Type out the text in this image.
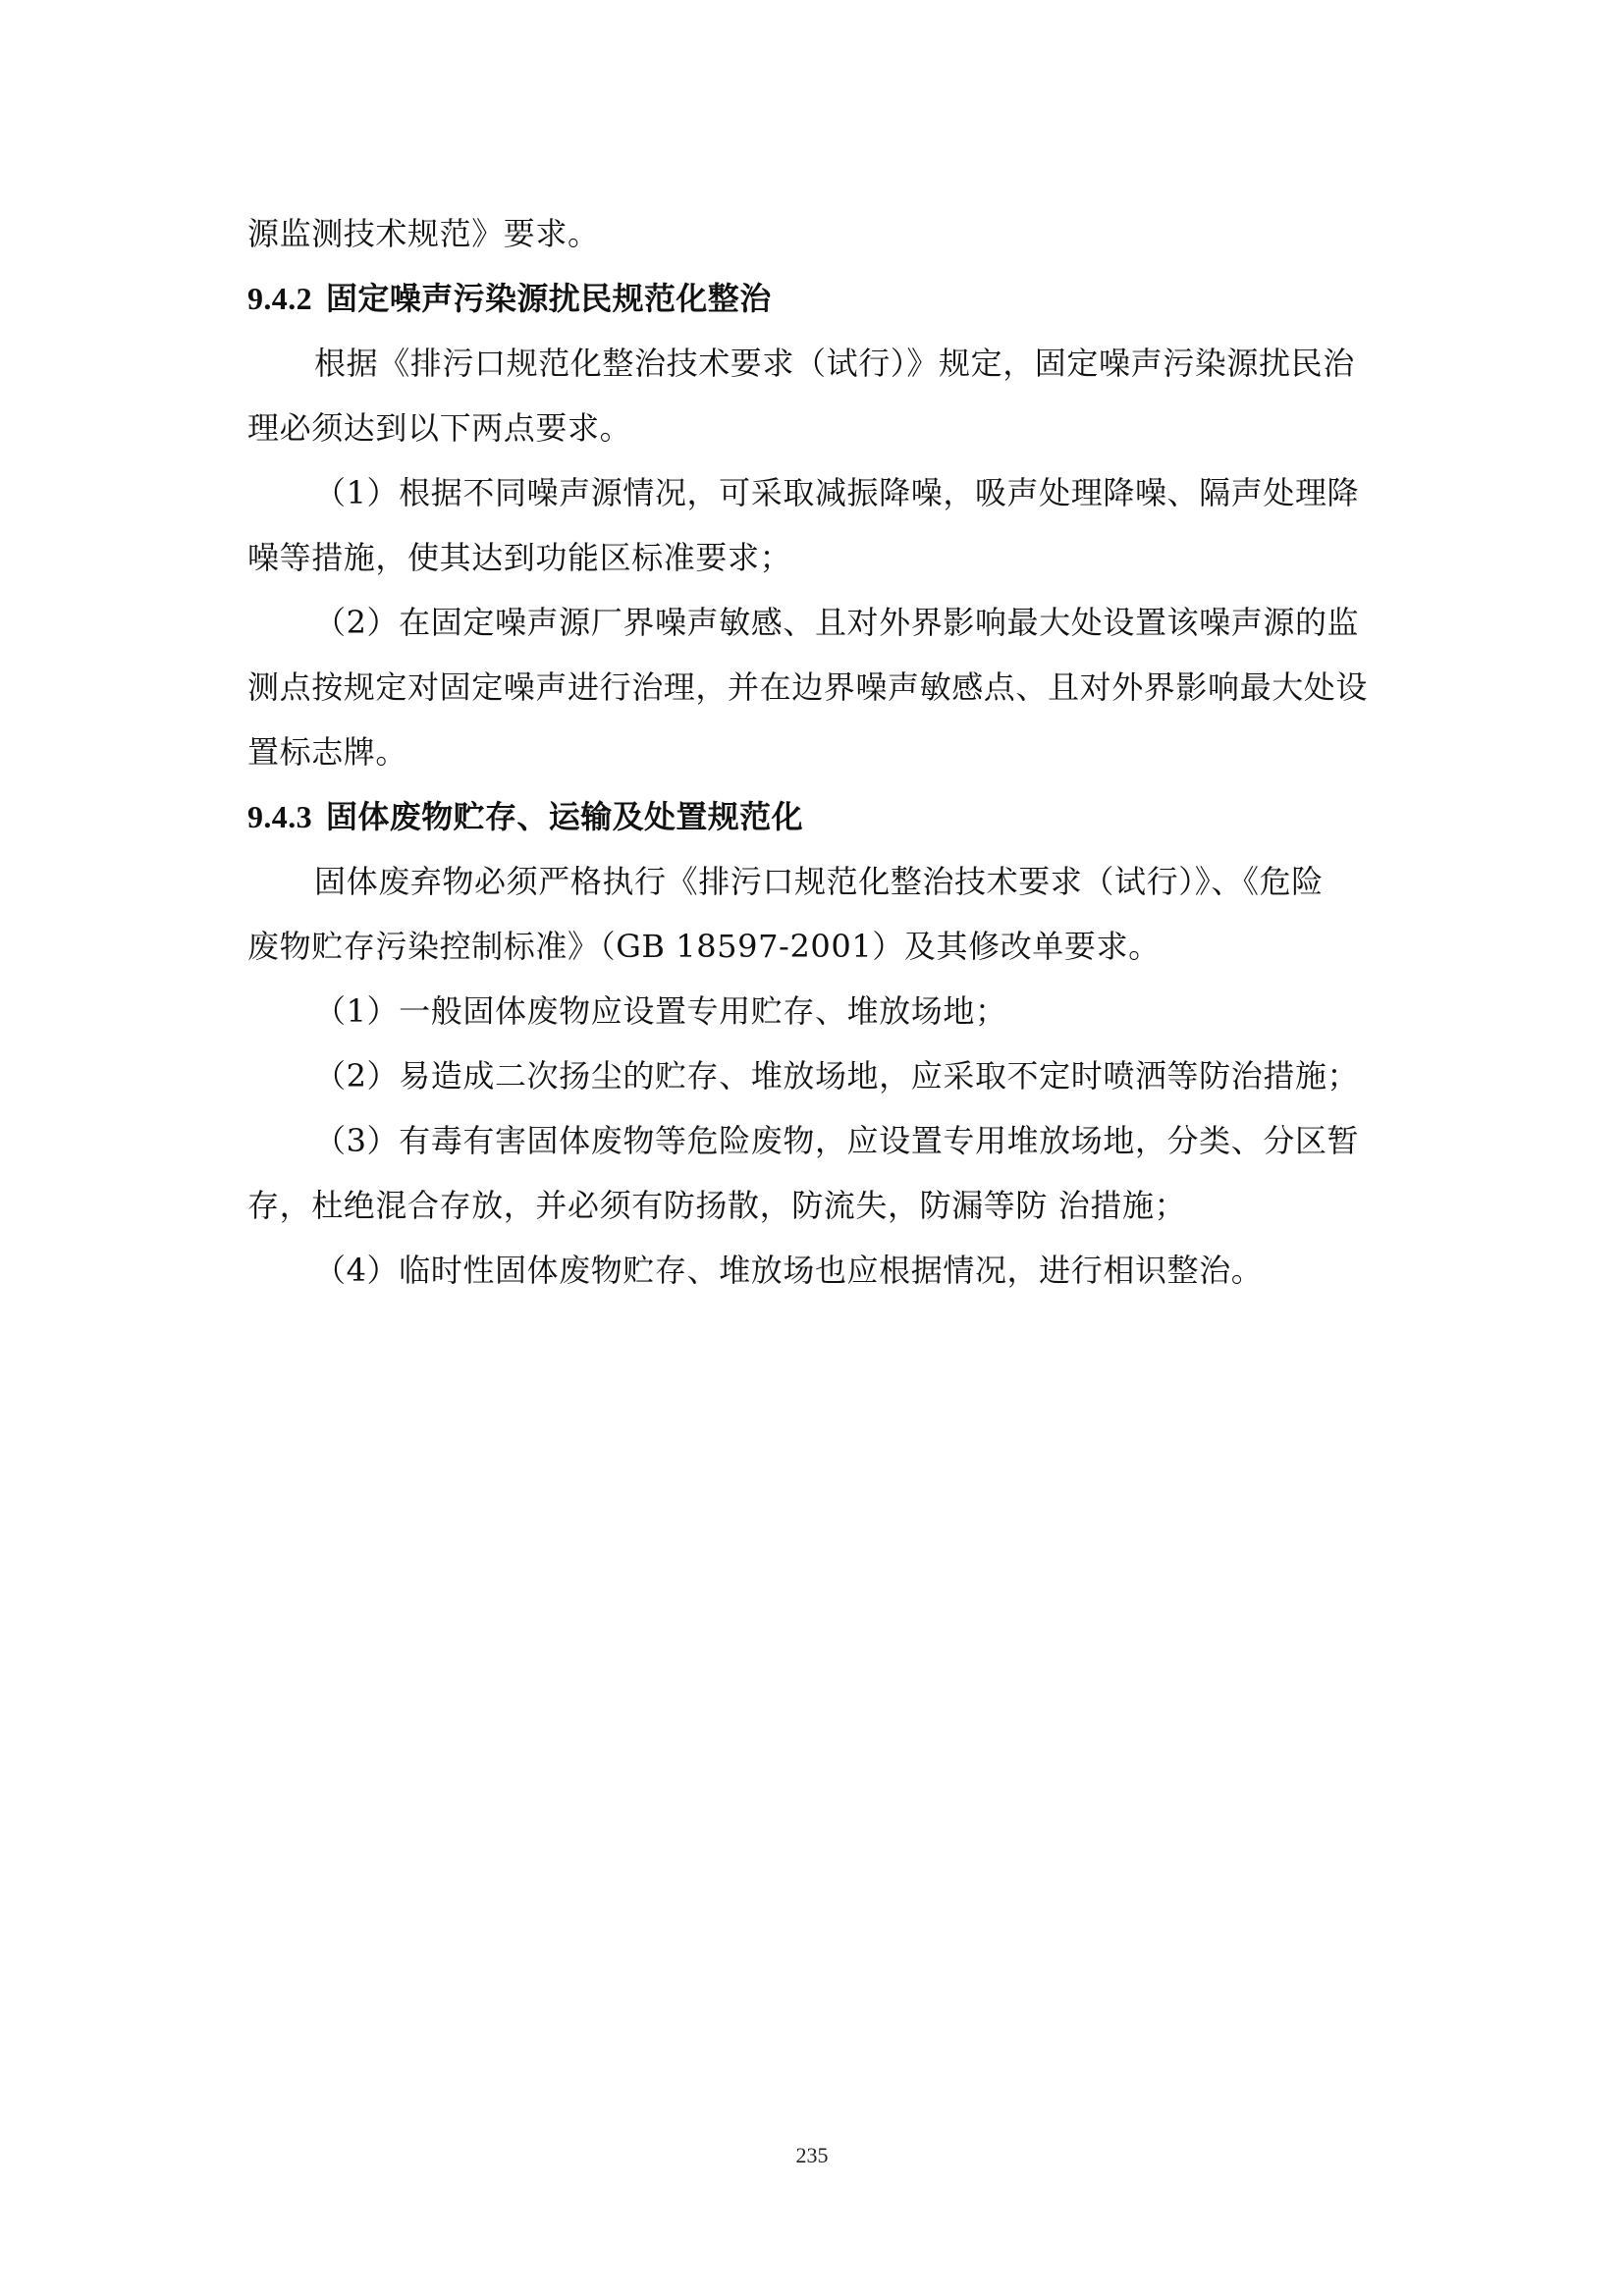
源监测技术规范》要求。
9.4.2 固定噪声污染源扰民规范化整治
根据《排污口规范化整治技术要求（试行）》规定，固定噪声污染源扰民治
理必须达到以下两点要求。
（1）根据不同噪声源情况，可采取减振降噪，吸声处理降噪、隔声处理降
噪等措施，使其达到功能区标准要求；
（2）在固定噪声源厂界噪声敏感、且对外界影响最大处设置该噪声源的监
测点按规定对固定噪声进行治理，并在边界噪声敏感点、且对外界影响最大处设
置标志牌。
9.4.3 固体废物贮存、运输及处置规范化
固体废弃物必须严格执行《排污口规范化整治技术要求（试行）》、《危险
废物贮存污染控制标准》（GB 18597-2001）及其修改单要求。
（1）一般固体废物应设置专用贮存、堆放场地；
（2）易造成二次扬尘的贮存、堆放场地，应采取不定时喷洒等防治措施；
（3）有毒有害固体废物等危险废物，应设置专用堆放场地，分类、分区暂
存，杜绝混合存放，并必须有防扬散，防流失，防漏等防 治措施；
（4）临时性固体废物贮存、堆放场也应根据情况，进行相识整治。
235
